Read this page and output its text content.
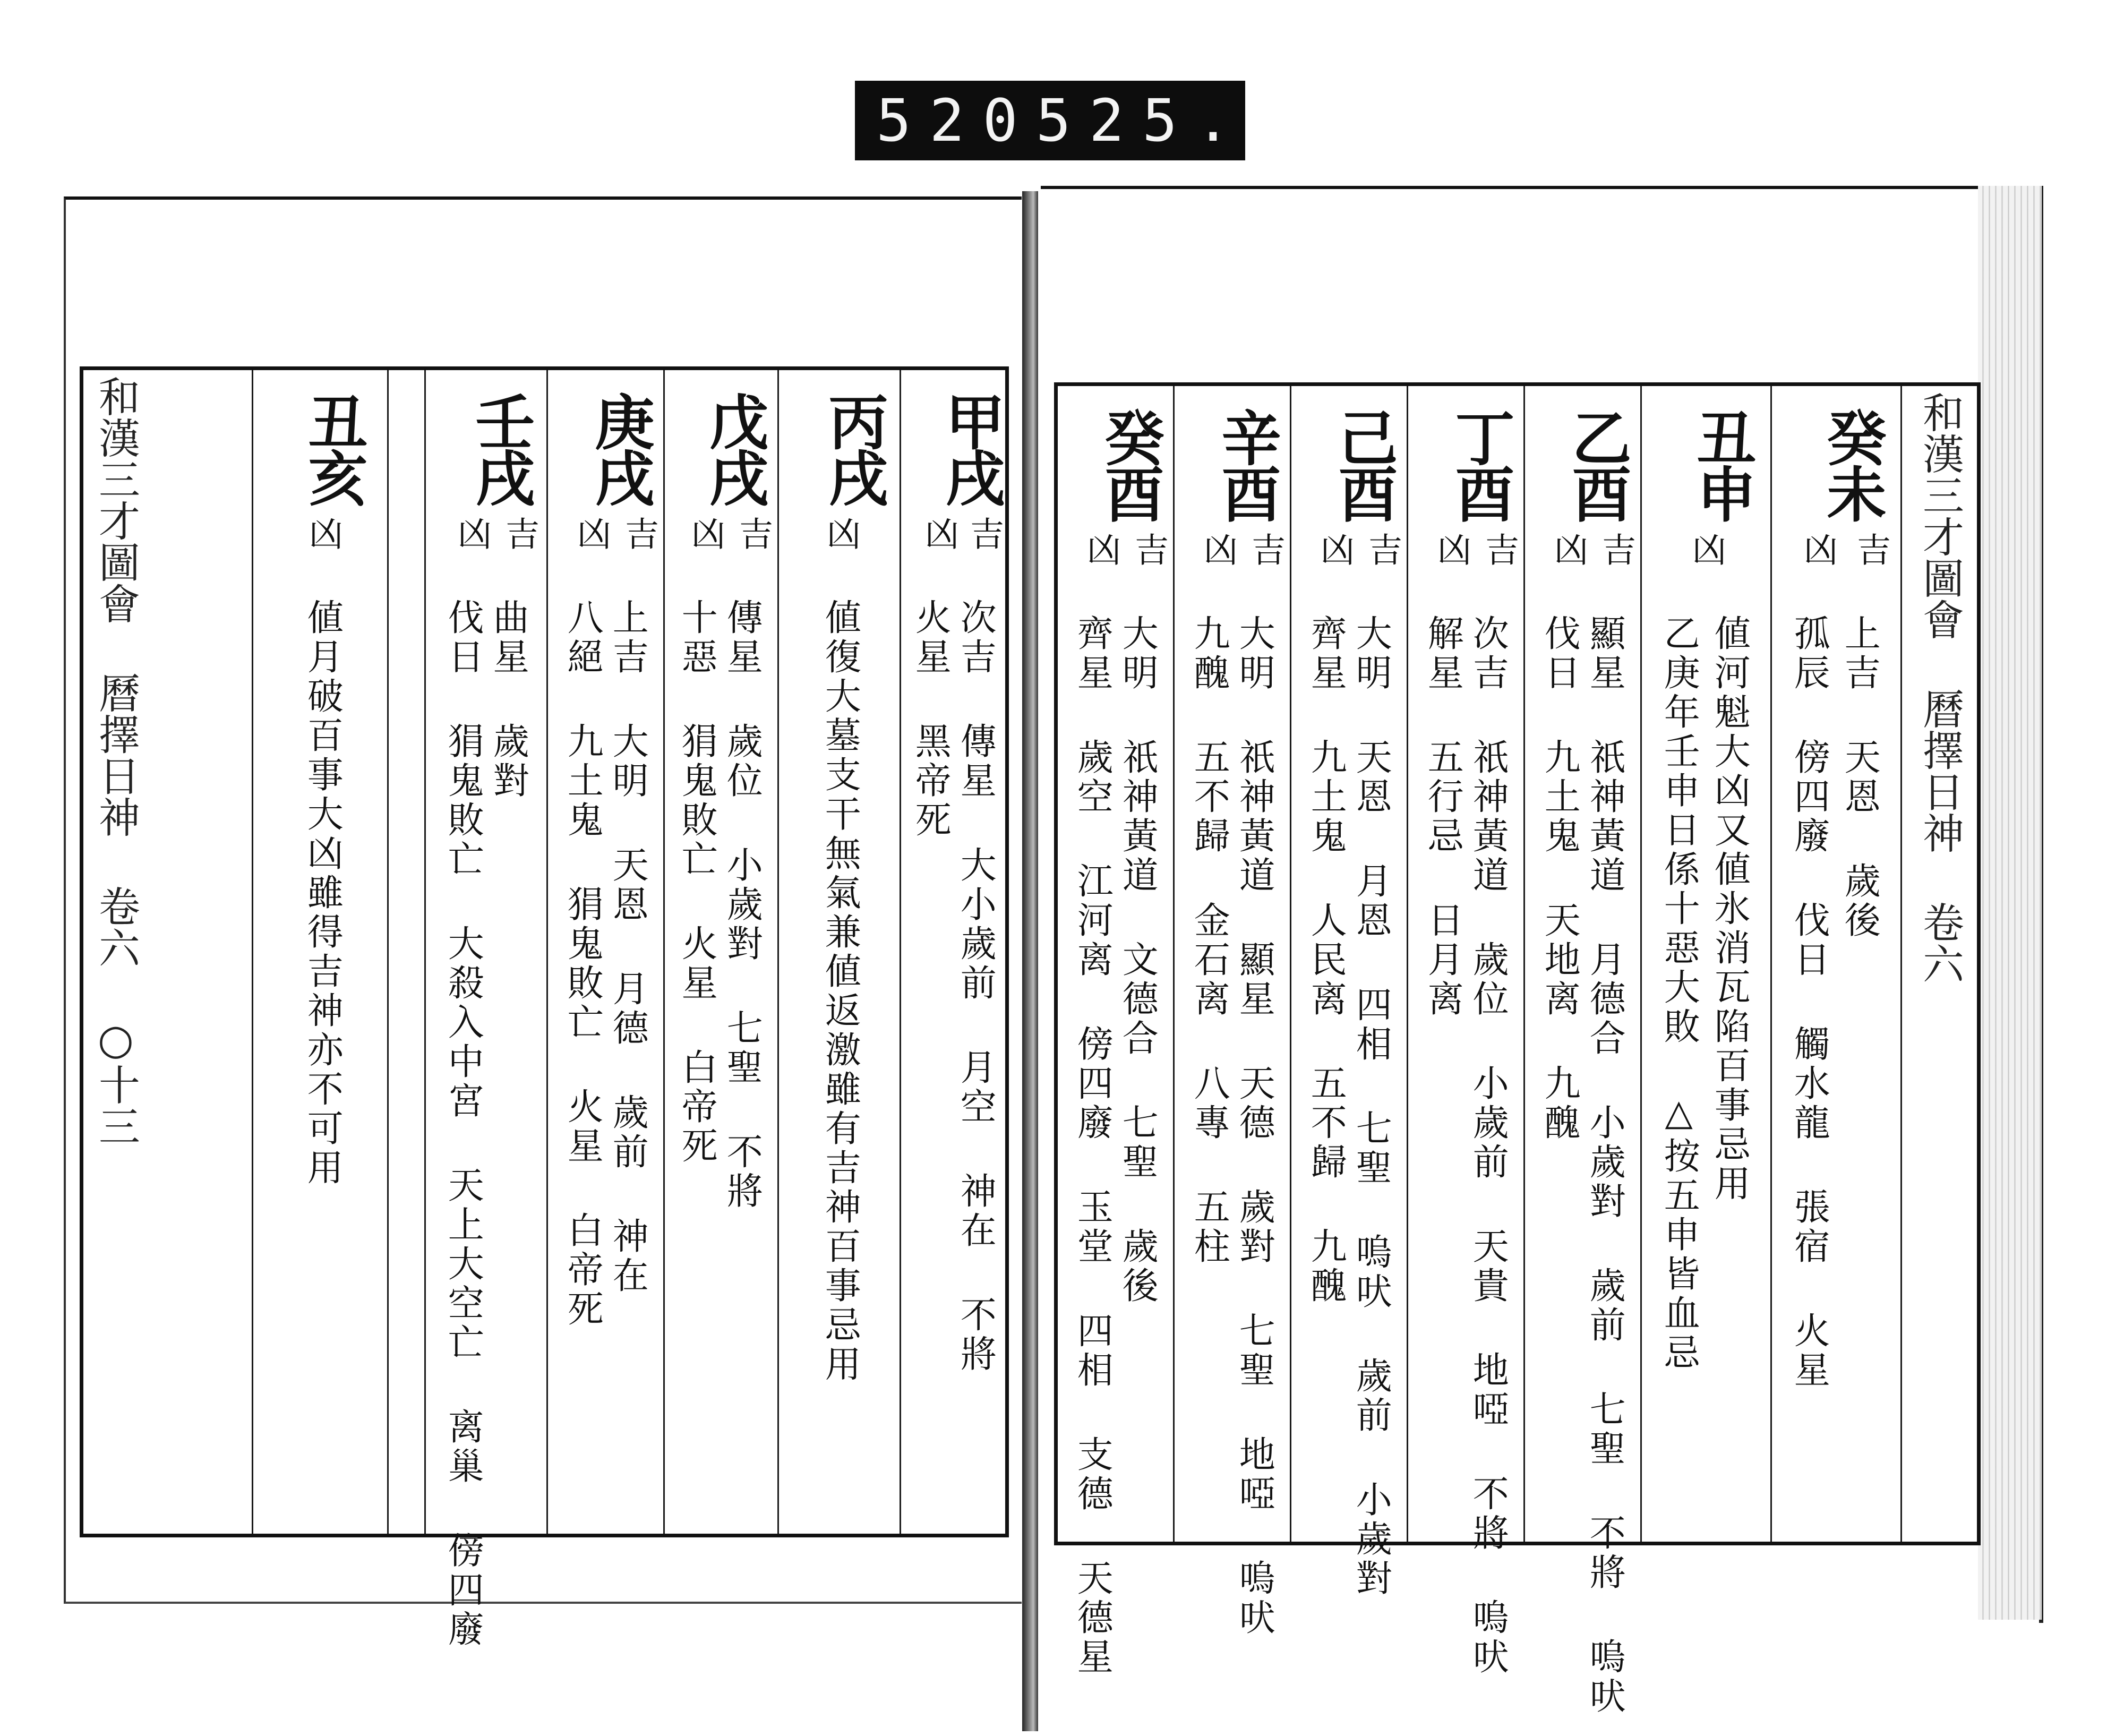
520 525.
和漢三才圖會 曆擇日神 卷六
癸未
吉
凶
上吉 天恩 歲後
孤辰 傍四廢 伐日 觸水龍 張宿 火星
丑申
凶
値河魁大凶又値氷消瓦陷百事忌用
乙庚年壬申日係十惡大敗 △按五申皆血忌
乙酉
吉
凶
顯星 祇神黃道 月德合 小歲對 歲前 七聖 不將 嗚吠
伐日 九土鬼 天地离 九醜
丁酉
吉
凶
次吉 祇神黃道 歲位 小歲前 天貴 地啞 不將 嗚吠
解星 五行忌 日月离
己酉
吉
凶
大明 天恩 月恩 四相 七聖 嗚吠 歲前 小歲對
齊星 九土鬼 人民离 五不歸 九醜
辛酉
吉
凶
大明 祇神黃道 顯星 天德 歲對 七聖 地啞 嗚吠
九醜 五不歸 金石离 八專 五柱
癸酉
吉
凶
大明 祇神黃道 文德合 七聖 歲後
齊星 歲空 江河离 傍四廢 玉堂 四相 支德 天德星
和漢三才圖會 曆擇日神 卷六 ○十三	甲戌
吉
凶
次吉 傳星 大小歲前 月空 神在 不將
火星 黑帝死
丙戌
凶
値復大墓支干無氣兼値返激雖有吉神百事忌用
戊戌
吉
凶
傳星 歲位 小歲對 七聖 不將
十惡 狷鬼敗亡 火星 白帝死
庚戌
吉
凶
上吉 大明 天恩 月德 歲前 神在
八絕 九土鬼 狷鬼敗亡 火星 白帝死
壬戌
吉
凶
曲星 歲對
伐日 狷鬼敗亡 大殺入中宮 天上大空亡 离巢 傍四廢
丑亥
凶
値月破百事大凶雖得吉神亦不可用
